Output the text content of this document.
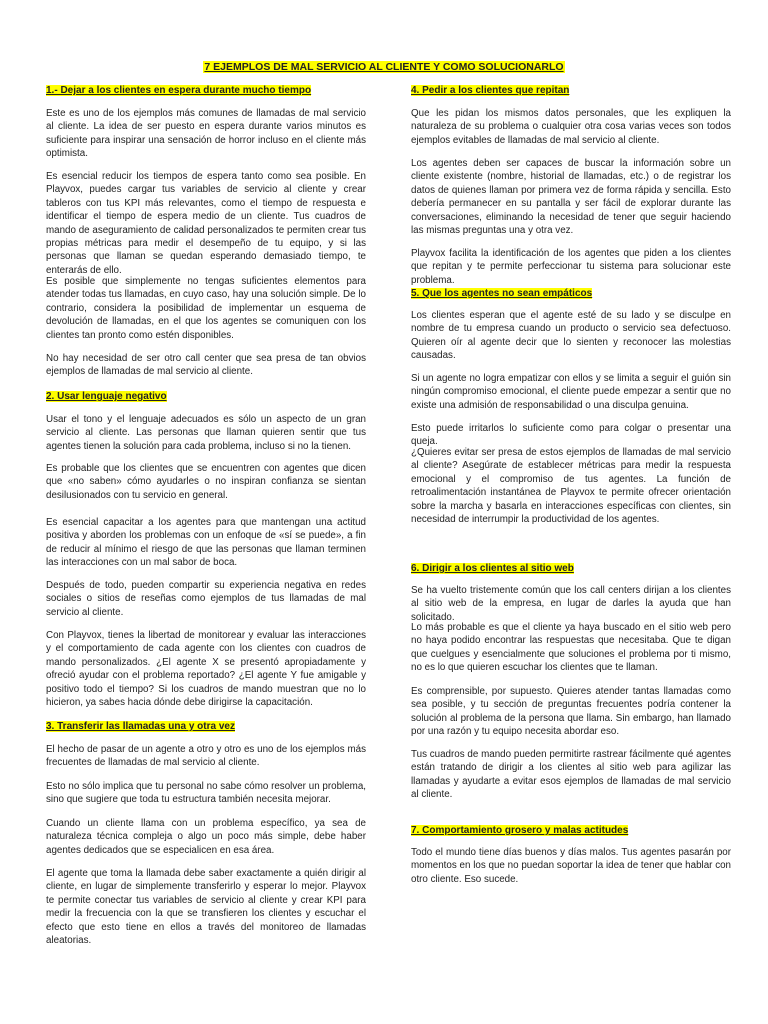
7 EJEMPLOS DE MAL SERVICIO AL CLIENTE Y COMO SOLUCIONARLO
1.- Dejar a los clientes en espera durante mucho tiempo

Este es uno de los ejemplos más comunes de llamadas de mal servicio al cliente. La idea de ser puesto en espera durante varios minutos es suficiente para inspirar una sensación de horror incluso en el cliente más optimista.

Es esencial reducir los tiempos de espera tanto como sea posible. En Playvox, puedes cargar tus variables de servicio al cliente y crear tableros con tus KPI más relevantes, como el tiempo de respuesta e identificar el tiempo de espera medio de un cliente. Tus cuadros de mando de aseguramiento de calidad personalizados te permiten crear tus propias métricas para medir el desempeño de tu equipo, y si las personas que llaman se quedan esperando demasiado tiempo, te enterarás de ello.

Es posible que simplemente no tengas suficientes elementos para atender todas tus llamadas, en cuyo caso, hay una solución simple. De lo contrario, considera la posibilidad de implementar un esquema de devolución de llamadas, en el que los agentes se comuniquen con los clientes tan pronto como estén disponibles.

No hay necesidad de ser otro call center que sea presa de tan obvios ejemplos de llamadas de mal servicio al cliente.

2. Usar lenguaje negativo

Usar el tono y el lenguaje adecuados es sólo un aspecto de un gran servicio al cliente. Las personas que llaman quieren sentir que tus agentes tienen la solución para cada problema, incluso si no la tienen.

Es probable que los clientes que se encuentren con agentes que dicen que «no saben» cómo ayudarles o no inspiran confianza se sientan desilusionados con tu servicio en general.

Es esencial capacitar a los agentes para que mantengan una actitud positiva y aborden los problemas con un enfoque de «sí se puede», a fin de reducir al mínimo el riesgo de que las personas que llaman terminen las interacciones con un mal sabor de boca.

Después de todo, pueden compartir su experiencia negativa en redes sociales o sitios de reseñas como ejemplos de tus llamadas de mal servicio al cliente.

Con Playvox, tienes la libertad de monitorear y evaluar las interacciones y el comportamiento de cada agente con los clientes con cuadros de mando personalizados. ¿El agente X se presentó apropiadamente y ofreció ayudar con el problema reportado? ¿El agente Y fue amigable y positivo todo el tiempo? Si los cuadros de mando muestran que no lo hicieron, ya sabes hacia dónde debe dirigirse la capacitación.

3. Transferir las llamadas una y otra vez

El hecho de pasar de un agente a otro y otro es uno de los ejemplos más frecuentes de llamadas de mal servicio al cliente.

Esto no sólo implica que tu personal no sabe cómo resolver un problema, sino que sugiere que toda tu estructura también necesita mejorar.

Cuando un cliente llama con un problema específico, ya sea de naturaleza técnica compleja o algo un poco más simple, debe haber agentes dedicados que se especialicen en esa área.

El agente que toma la llamada debe saber exactamente a quién dirigir al cliente, en lugar de simplemente transferirlo y esperar lo mejor. Playvox te permite conectar tus variables de servicio al cliente y crear KPI para medir la frecuencia con la que se transfieren los clientes y escuchar el efecto que esto tiene en ellos a través del monitoreo de llamadas aleatorias.

4. Pedir a los clientes que repitan

Que les pidan los mismos datos personales, que les expliquen la naturaleza de su problema o cualquier otra cosa varias veces son todos ejemplos evitables de llamadas de mal servicio al cliente.

Los agentes deben ser capaces de buscar la información sobre un cliente existente (nombre, historial de llamadas, etc.) o de registrar los datos de quienes llaman por primera vez de forma rápida y sencilla. Esto debería permanecer en su pantalla y ser fácil de explorar durante las conversaciones, eliminando la necesidad de tener que seguir haciendo las mismas preguntas una y otra vez.

Playvox facilita la identificación de los agentes que piden a los clientes que repitan y te permite perfeccionar tu sistema para solucionar este problema.

5. Que los agentes no sean empáticos

Los clientes esperan que el agente esté de su lado y se disculpe en nombre de tu empresa cuando un producto o servicio sea defectuoso. Quieren oír al agente decir que lo sienten y reconocer las molestias causadas.

Si un agente no logra empatizar con ellos y se limita a seguir el guión sin ningún compromiso emocional, el cliente puede empezar a sentir que no existe una admisión de responsabilidad o una disculpa genuina.

Esto puede irritarlos lo suficiente como para colgar o presentar una queja.

¿Quieres evitar ser presa de estos ejemplos de llamadas de mal servicio al cliente? Asegúrate de establecer métricas para medir la respuesta emocional y el compromiso de tus agentes. La función de retroalimentación instantánea de Playvox te permite ofrecer orientación sobre la marcha y basarla en interacciones específicas con clientes, sin necesidad de interrumpir la productividad de los agentes.

6. Dirigir a los clientes al sitio web

Se ha vuelto tristemente común que los call centers dirijan a los clientes al sitio web de la empresa, en lugar de darles la ayuda que han solicitado.

Lo más probable es que el cliente ya haya buscado en el sitio web pero no haya podido encontrar las respuestas que necesitaba. Que te digan que cuelgues y esencialmente que soluciones el problema por ti mismo, no es lo que quieren escuchar los clientes que te llaman.

Es comprensible, por supuesto. Quieres atender tantas llamadas como sea posible, y tu sección de preguntas frecuentes podría contener la solución al problema de la persona que llama. Sin embargo, han llamado por una razón y tu equipo necesita abordar eso.

Tus cuadros de mando pueden permitirte rastrear fácilmente qué agentes están tratando de dirigir a los clientes al sitio web para agilizar las llamadas y ayudarte a evitar esos ejemplos de llamadas de mal servicio al cliente.

7. Comportamiento grosero y malas actitudes

Todo el mundo tiene días buenos y días malos. Tus agentes pasarán por momentos en los que no puedan soportar la idea de tener que hablar con otro cliente. Eso sucede.
